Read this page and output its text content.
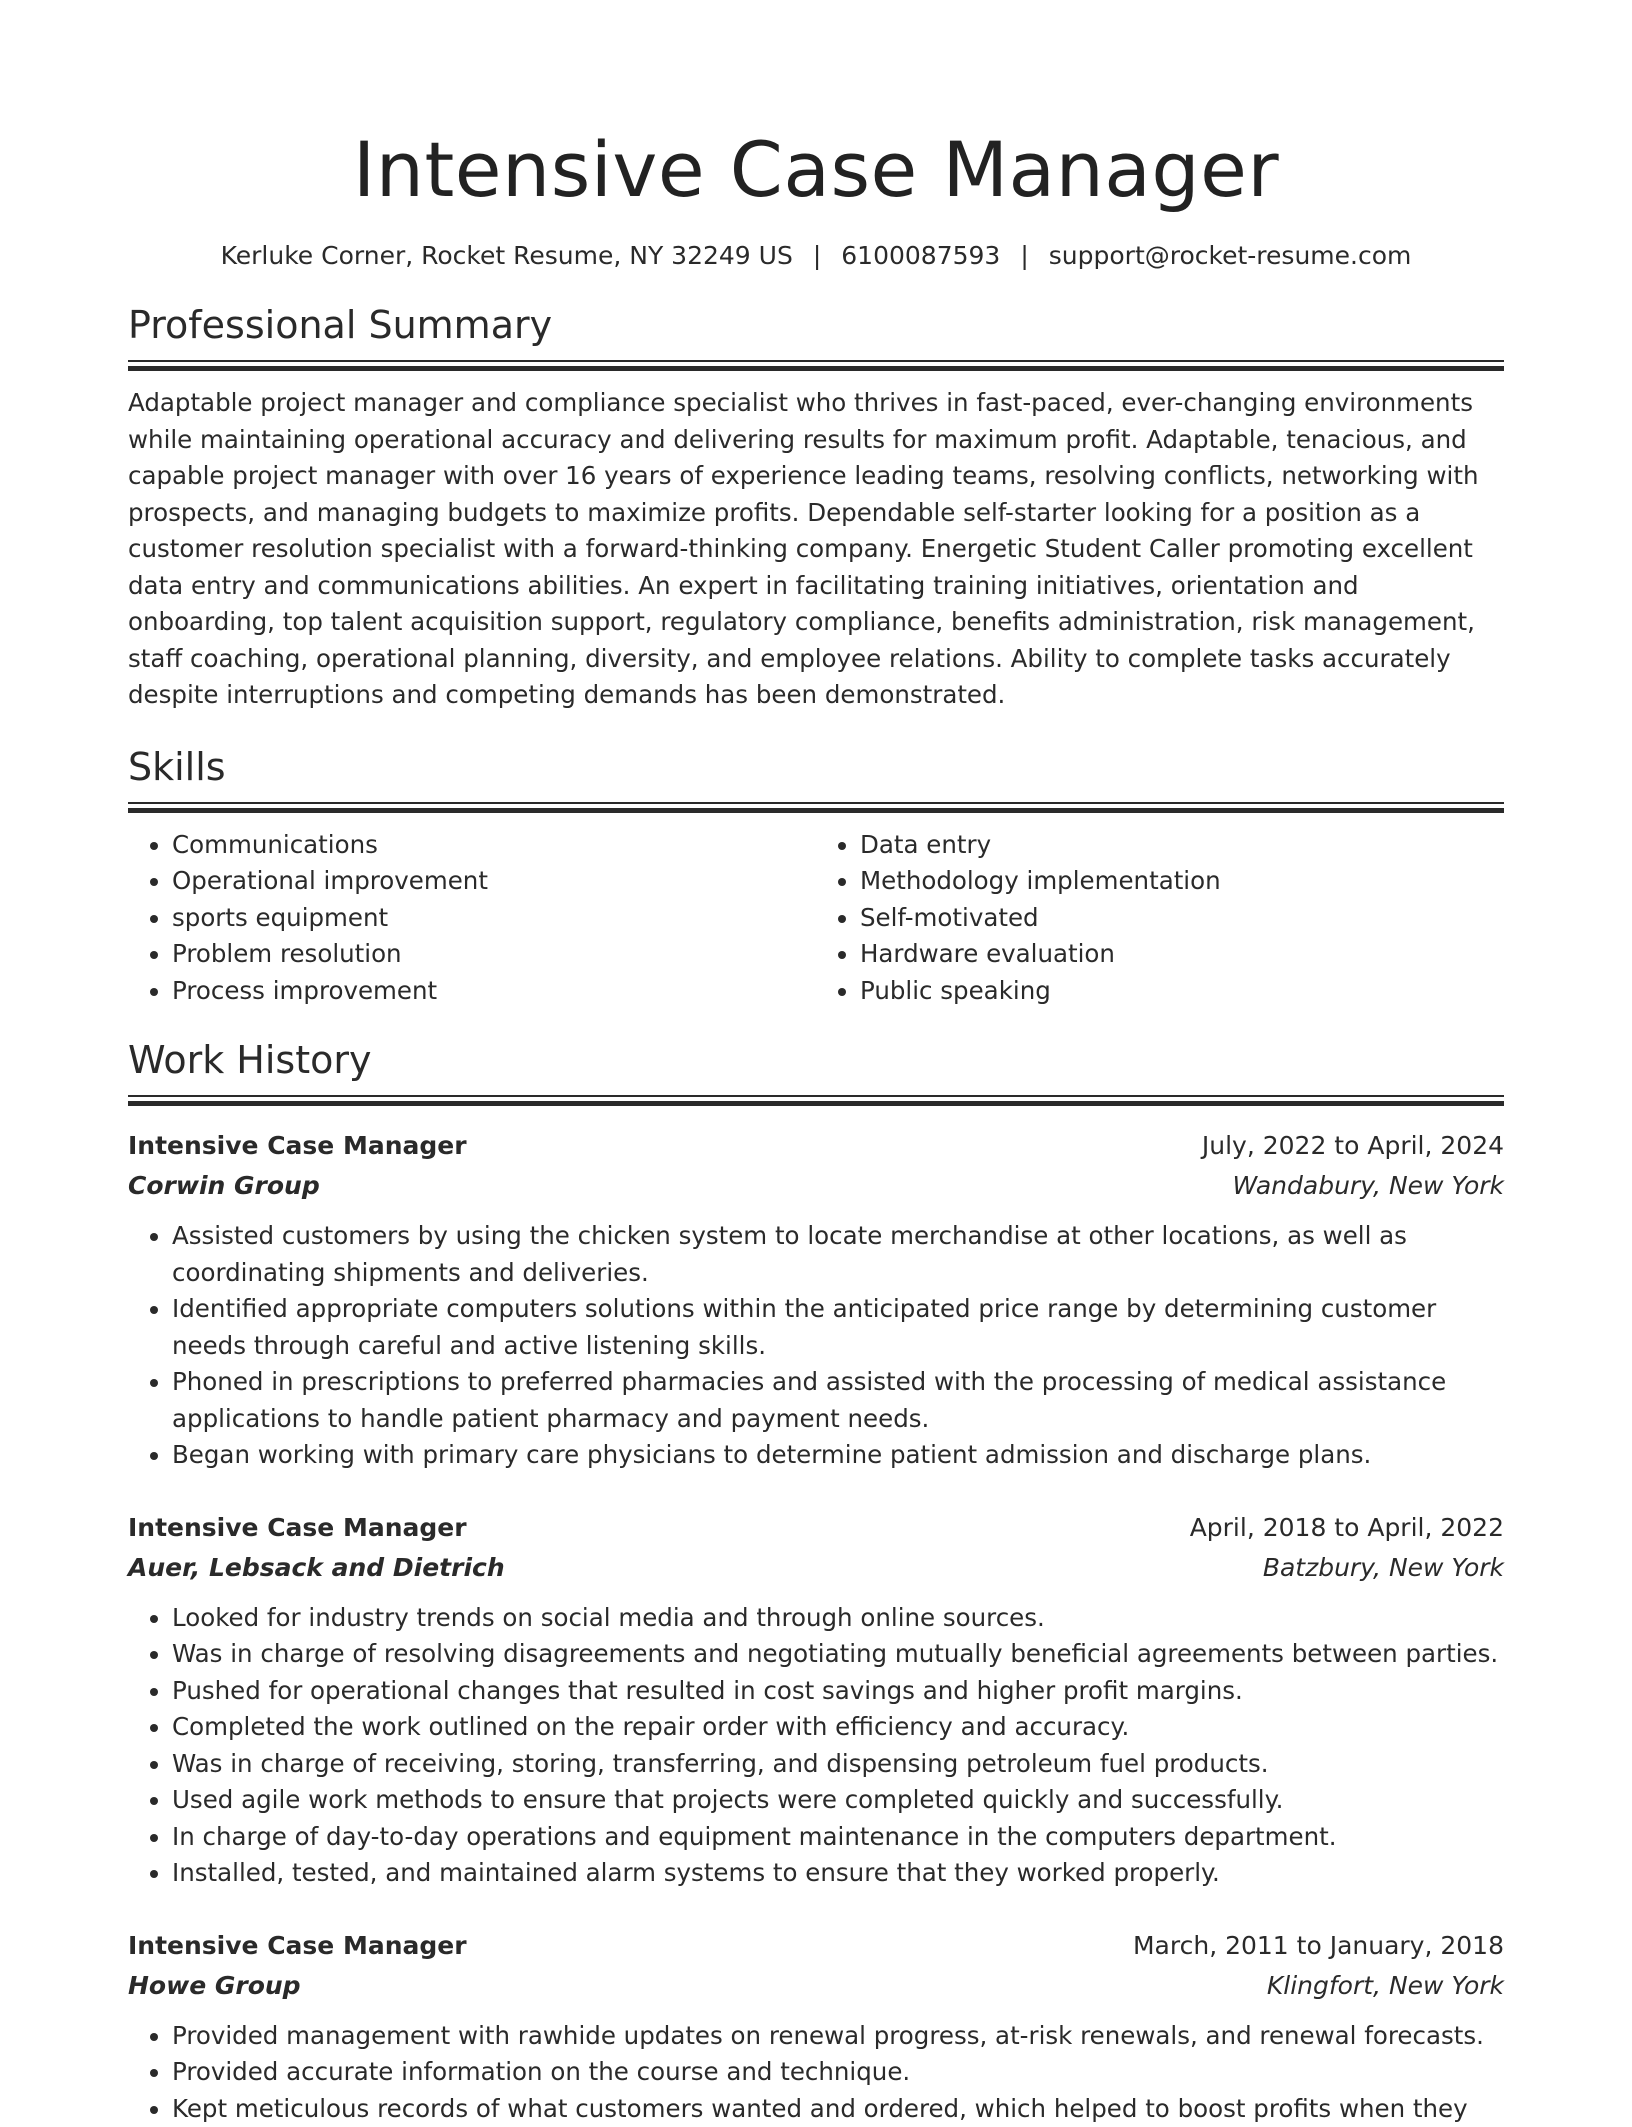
Intensive Case Manager
Kerluke Corner, Rocket Resume, NY 32249 US | 6100087593 | support@rocket-resume.com
Professional Summary

Adaptable project manager and compliance specialist who thrives in fast-paced, ever-changing environments while maintaining operational accuracy and delivering results for maximum profit. Adaptable, tenacious, and capable project manager with over 16 years of experience leading teams, resolving conflicts, networking with prospects, and managing budgets to maximize profits. Dependable self-starter looking for a position as a customer resolution specialist with a forward-thinking company. Energetic Student Caller promoting excellent data entry and communications abilities. An expert in facilitating training initiatives, orientation and onboarding, top talent acquisition support, regulatory compliance, benefits administration, risk management, staff coaching, operational planning, diversity, and employee relations. Ability to complete tasks accurately despite interruptions and competing demands has been demonstrated.

Skills
• Communications
• Operational improvement
• sports equipment
• Problem resolution
• Process improvement
• Data entry
• Methodology implementation
• Self-motivated
• Hardware evaluation
• Public speaking
Work History
Intensive Case Manager	July, 2022 to April, 2024
Corwin Group	Wandabury, New York
• Assisted customers by using the chicken system to locate merchandise at other locations, as well as coordinating shipments and deliveries.
• Identified appropriate computers solutions within the anticipated price range by determining customer needs through careful and active listening skills.
• Phoned in prescriptions to preferred pharmacies and assisted with the processing of medical assistance applications to handle patient pharmacy and payment needs.
• Began working with primary care physicians to determine patient admission and discharge plans.
Intensive Case Manager	April, 2018 to April, 2022
Auer, Lebsack and Dietrich	Batzbury, New York
• Looked for industry trends on social media and through online sources.
• Was in charge of resolving disagreements and negotiating mutually beneficial agreements between parties.
• Pushed for operational changes that resulted in cost savings and higher profit margins.
• Completed the work outlined on the repair order with efficiency and accuracy.
• Was in charge of receiving, storing, transferring, and dispensing petroleum fuel products.
• Used agile work methods to ensure that projects were completed quickly and successfully.
• In charge of day-to-day operations and equipment maintenance in the computers department.
• Installed, tested, and maintained alarm systems to ensure that they worked properly.
Intensive Case Manager	March, 2011 to January, 2018
Howe Group	Klingfort, New York
• Provided management with rawhide updates on renewal progress, at-risk renewals, and renewal forecasts.
• Provided accurate information on the course and technique.
• Kept meticulous records of what customers wanted and ordered, which helped to boost profits when they
